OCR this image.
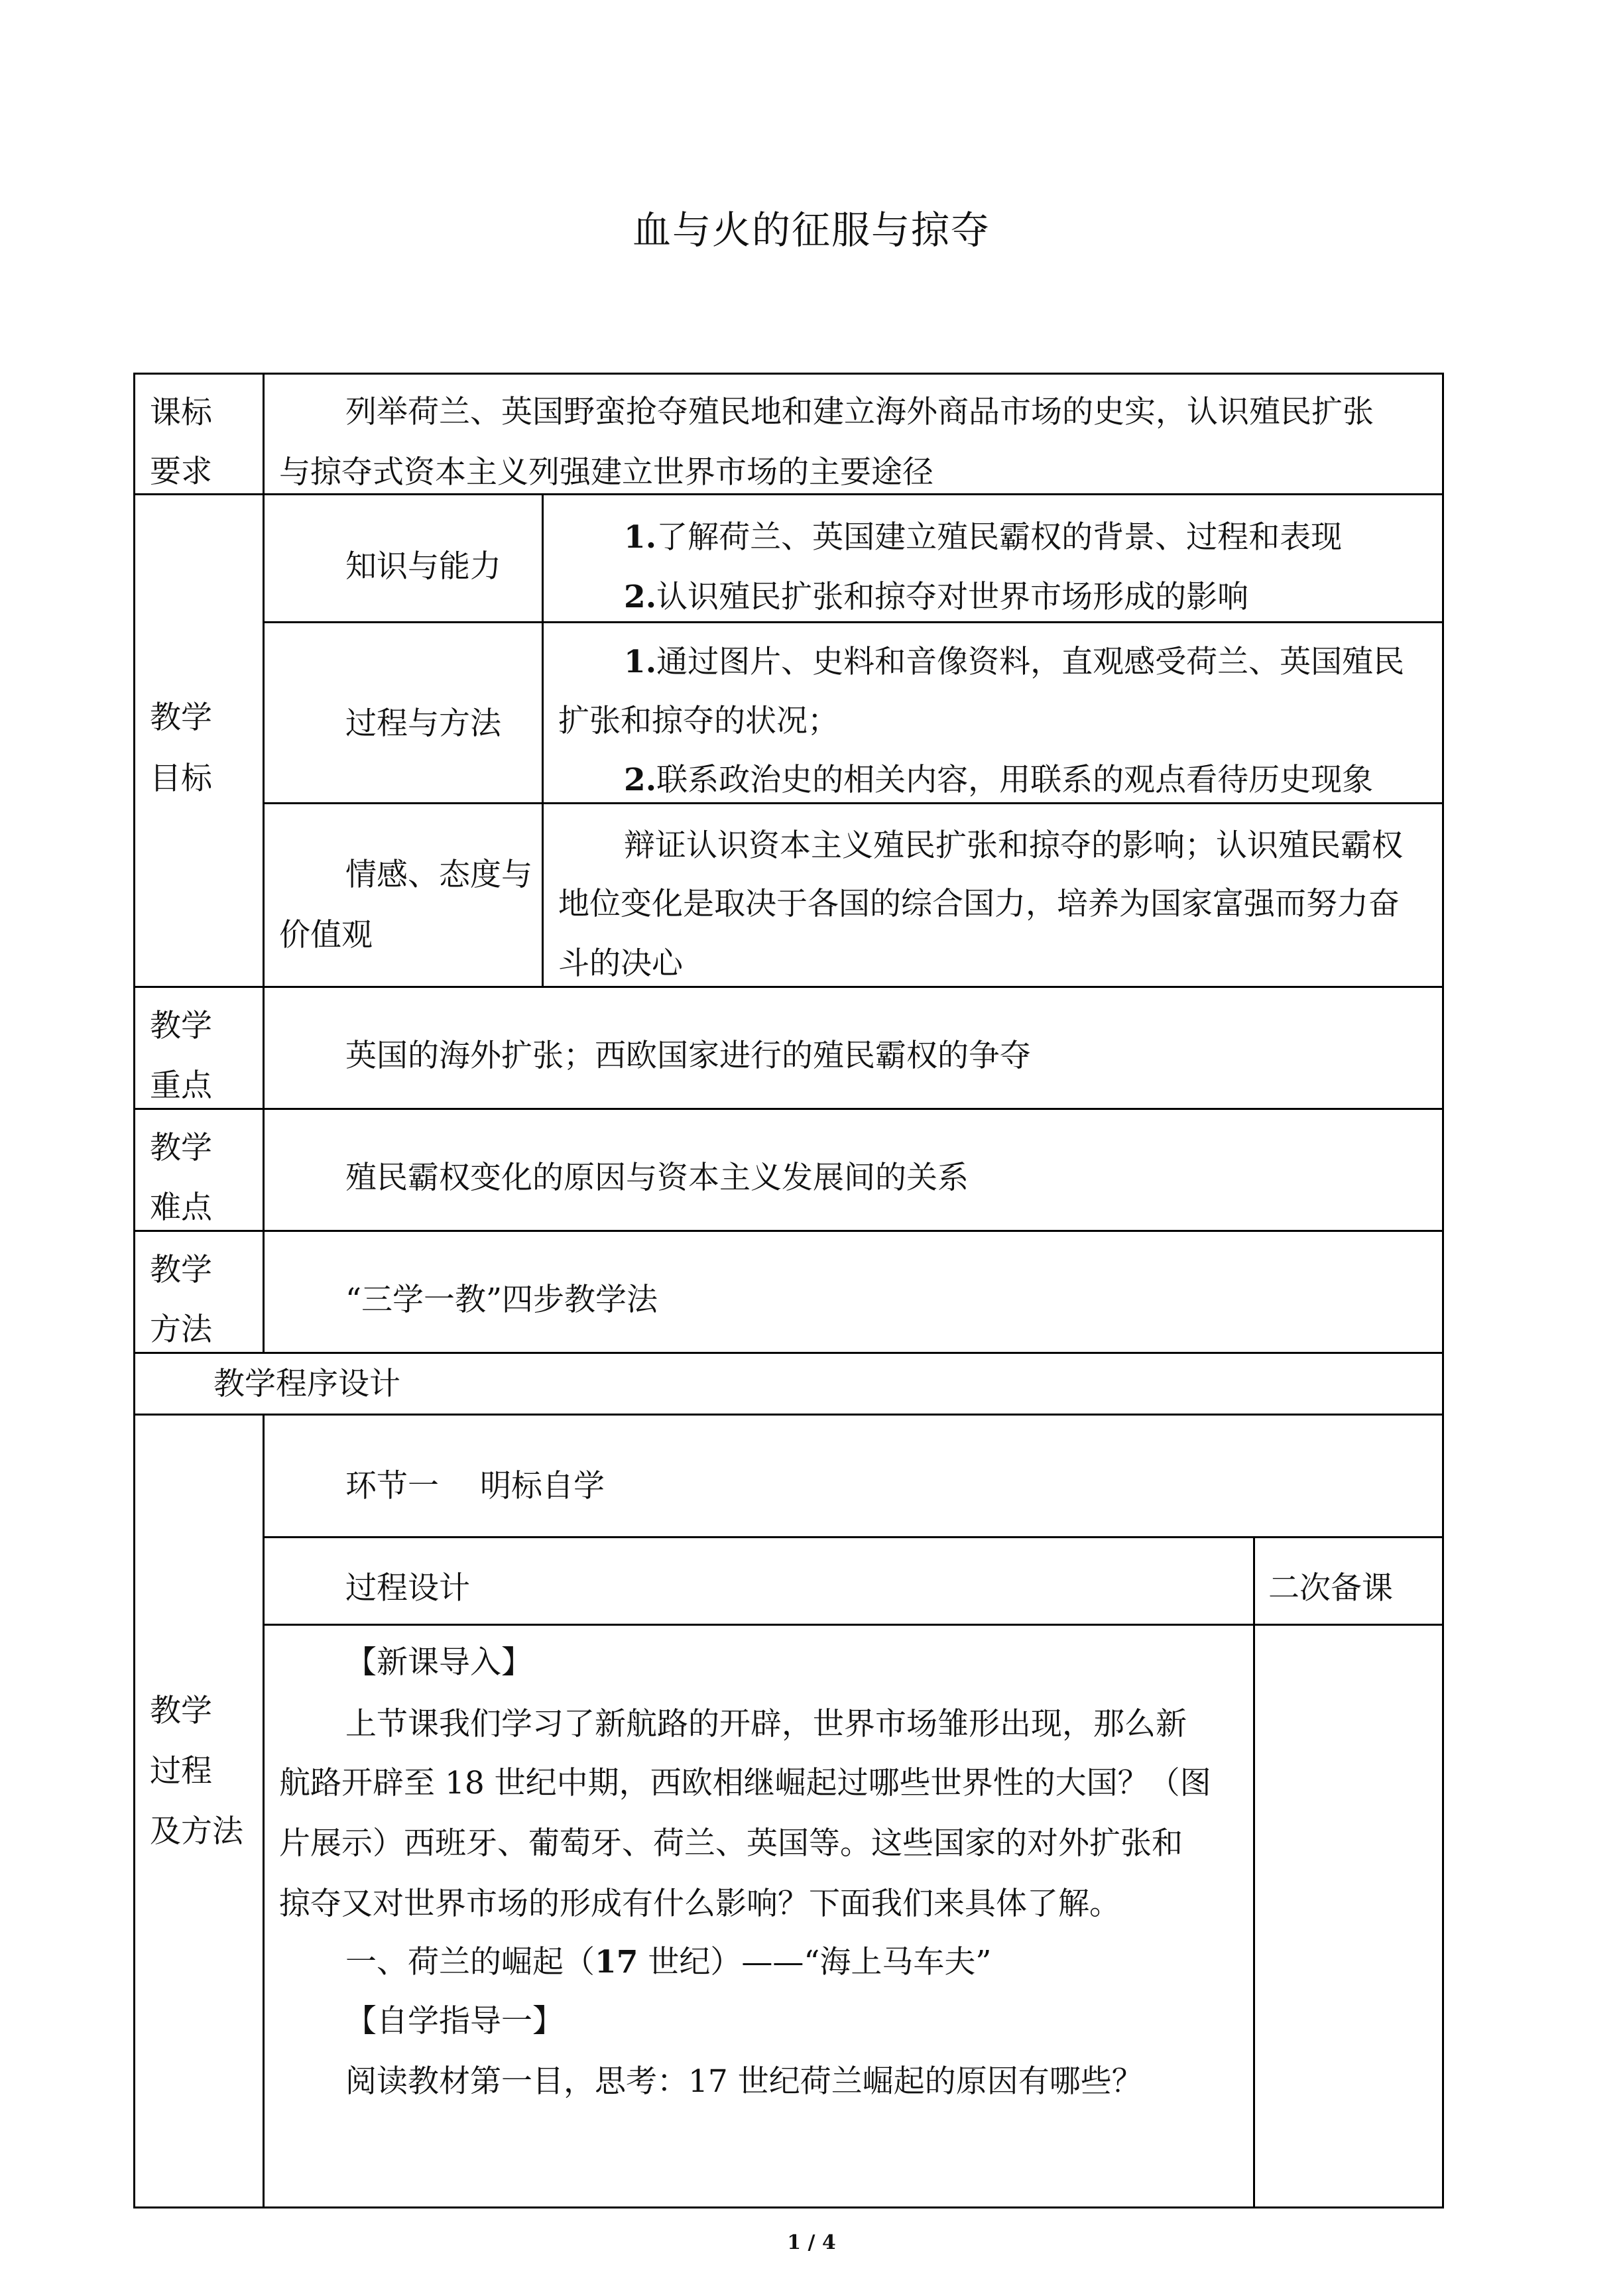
血与火的征服与掠夺
课标
要求
列举荷兰、英国野蛮抢夺殖民地和建立海外商品市场的史实，认识殖民扩张
与掠夺式资本主义列强建立世界市场的主要途径
教学
目标
知识与能力
1.了解荷兰、英国建立殖民霸权的背景、过程和表现
2.认识殖民扩张和掠夺对世界市场形成的影响
过程与方法
1.通过图片、史料和音像资料，直观感受荷兰、英国殖民
扩张和掠夺的状况；
2.联系政治史的相关内容，用联系的观点看待历史现象
情感、态度与
价值观
辩证认识资本主义殖民扩张和掠夺的影响；认识殖民霸权
地位变化是取决于各国的综合国力，培养为国家富强而努力奋
斗的决心
教学
重点
英国的海外扩张；西欧国家进行的殖民霸权的争夺
教学
难点
殖民霸权变化的原因与资本主义发展间的关系
教学
方法
“三学一教”四步教学法
教学程序设计
教学
过程
及方法
环节一　 明标自学
过程设计	二次备课
【新课导入】
上节课我们学习了新航路的开辟，世界市场雏形出现，那么新
航路开辟至 18 世纪中期，西欧相继崛起过哪些世界性的大国？（图
片展示）西班牙、葡萄牙、荷兰、英国等。这些国家的对外扩张和
掠夺又对世界市场的形成有什么影响？下面我们来具体了解。
一、荷兰的崛起（17 世纪）——“海上马车夫”
【自学指导一】
阅读教材第一目，思考：17 世纪荷兰崛起的原因有哪些？
1 / 4
